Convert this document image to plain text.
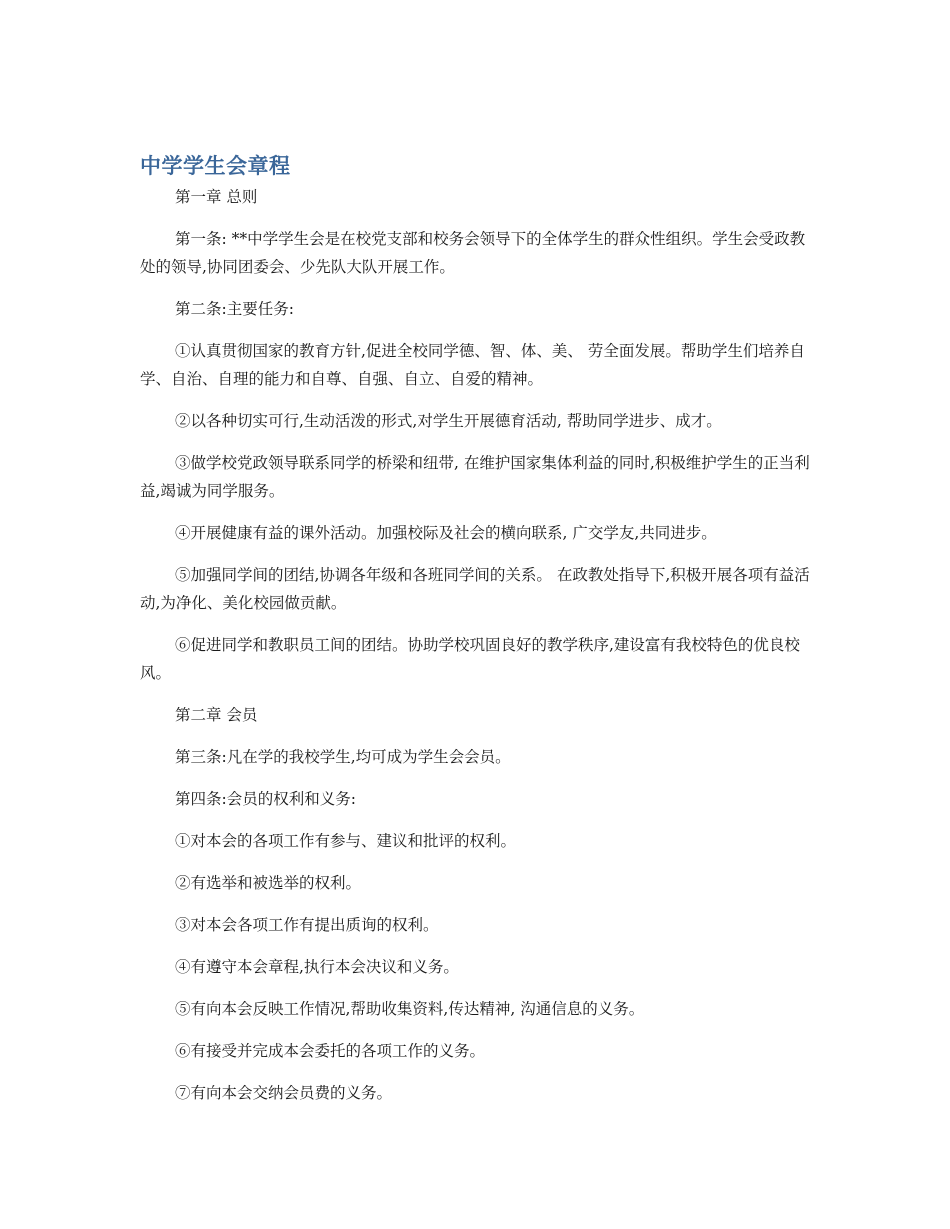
中学学生会章程

第一章 总则

第一条: **中学学生会是在校党支部和校务会领导下的全体学生的群众性组织。学生会受政教处的领导,协同团委会、少先队大队开展工作。

第二条:主要任务:

①认真贯彻国家的教育方针,促进全校同学德、智、体、美、 劳全面发展。帮助学生们培养自学、自治、自理的能力和自尊、自强、自立、自爱的精神。

②以各种切实可行,生动活泼的形式,对学生开展德育活动, 帮助同学进步、成才。

③做学校党政领导联系同学的桥梁和纽带, 在维护国家集体利益的同时,积极维护学生的正当利益,竭诚为同学服务。

④开展健康有益的课外活动。加强校际及社会的横向联系, 广交学友,共同进步。

⑤加强同学间的团结,协调各年级和各班同学间的关系。 在政教处指导下,积极开展各项有益活动,为净化、美化校园做贡献。

⑥促进同学和教职员工间的团结。协助学校巩固良好的教学秩序,建设富有我校特色的优良校风。

第二章 会员

第三条:凡在学的我校学生,均可成为学生会会员。

第四条:会员的权利和义务:

①对本会的各项工作有参与、建议和批评的权利。

②有选举和被选举的权利。

③对本会各项工作有提出质询的权利。

④有遵守本会章程,执行本会决议和义务。

⑤有向本会反映工作情况,帮助收集资料,传达精神, 沟通信息的义务。

⑥有接受并完成本会委托的各项工作的义务。

⑦有向本会交纳会员费的义务。
